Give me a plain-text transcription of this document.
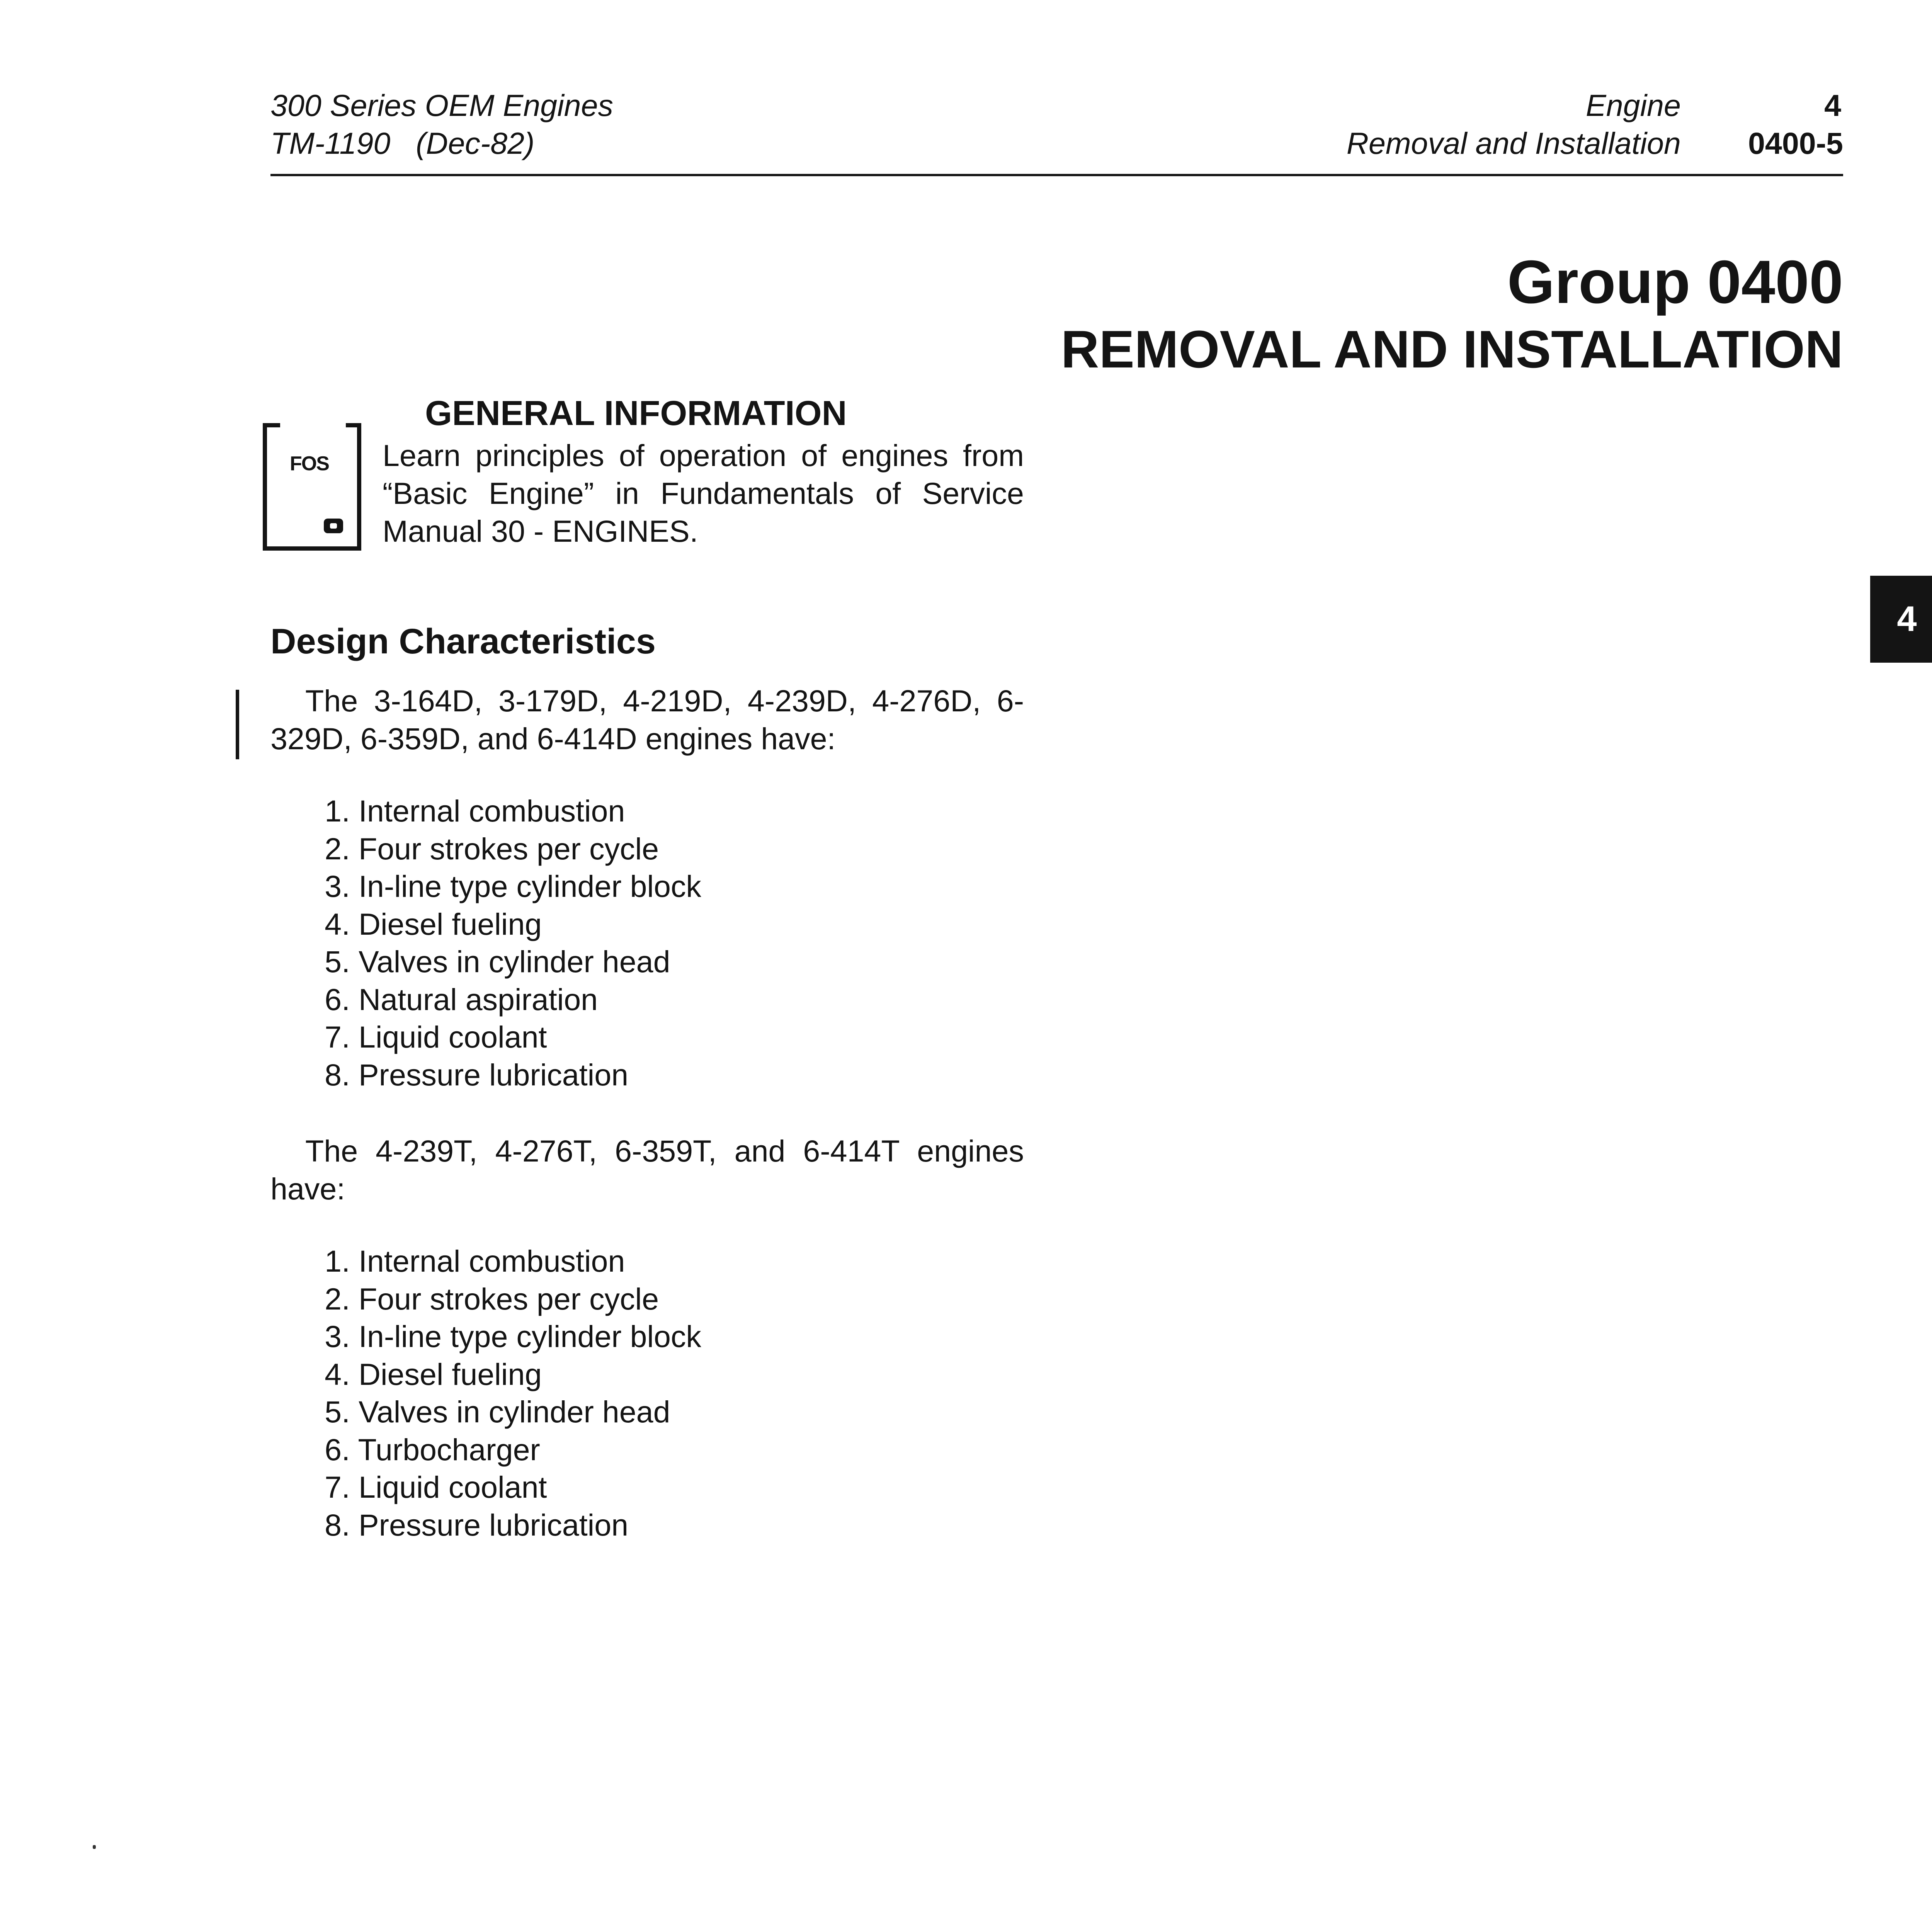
300 Series OEM Engines
TM-1190   (Dec-82)
Engine
Removal and Installation
4
0400-5
Group 0400
REMOVAL AND INSTALLATION
FOS
GENERAL INFORMATION
Learn principles of operation of engines from “Basic Engine” in Fundamentals of Service Manual 30 - ENGINES.
4
Design Characteristics
The 3-164D, 3-179D, 4-219D, 4-239D, 4-276D, 6-329D, 6-359D, and 6-414D engines have:
1. Internal combustion
2. Four strokes per cycle
3. In-line type cylinder block
4. Diesel fueling
5. Valves in cylinder head
6. Natural aspiration
7. Liquid coolant
8. Pressure lubrication
The 4-239T, 4-276T, 6-359T, and 6-414T engines have:
1. Internal combustion
2. Four strokes per cycle
3. In-line type cylinder block
4. Diesel fueling
5. Valves in cylinder head
6. Turbocharger
7. Liquid coolant
8. Pressure lubrication
